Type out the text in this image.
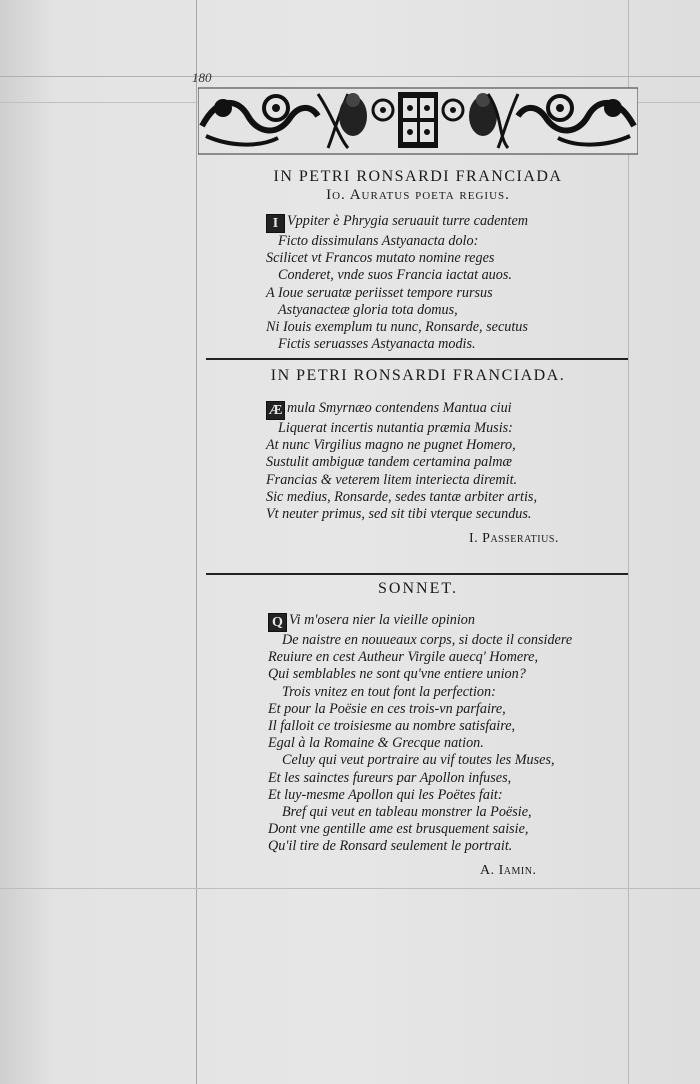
180
IN PETRI RONSARDI FRANCIADA
Io. Auratus poeta regius.
I Vppiter è Phrygia seruauit turre cadentem
Ficto dissimulans Astyanacta dolo:
Scilicet vt Francos mutato nomine reges
Conderet, vnde suos Francia iactat auos.
A Ioue seruatæ periisset tempore rursus
Astyanacteæ gloria tota domus,
Ni Iouis exemplum tu nunc, Ronsarde, secutus
Fictis seruasses Astyanacta modis.
IN PETRI RONSARDI FRANCIADA.
Æ mula Smyrnæo contendens Mantua ciui
Liquerat incertis nutantia præmia Musis:
At nunc Virgilius magno ne pugnet Homero,
Sustulit ambiguæ tandem certamina palmæ
Francias & veterem litem interiecta diremit.
Sic medius, Ronsarde, sedes tantæ arbiter artis,
Vt neuter primus, sed sit tibi vterque secundus.
I. Passeratius.
SONNET.
Q Vi m'osera nier la vieille opinion
De naistre en nouueaux corps, si docte il considere
Reuiure en cest Autheur Virgile auecq' Homere,
Qui semblables ne sont qu'vne entiere union?
Trois vnitez en tout font la perfection:
Et pour la Poësie en ces trois-vn parfaire,
Il falloit ce troisiesme au nombre satisfaire,
Egal à la Romaine & Grecque nation.
Celuy qui veut portraire au vif toutes les Muses,
Et les sainctes fureurs par Apollon infuses,
Et luy-mesme Apollon qui les Poëtes fait:
Bref qui veut en tableau monstrer la Poësie,
Dont vne gentille ame est brusquement saisie,
Qu'il tire de Ronsard seulement le portrait.
A. Iamin.
